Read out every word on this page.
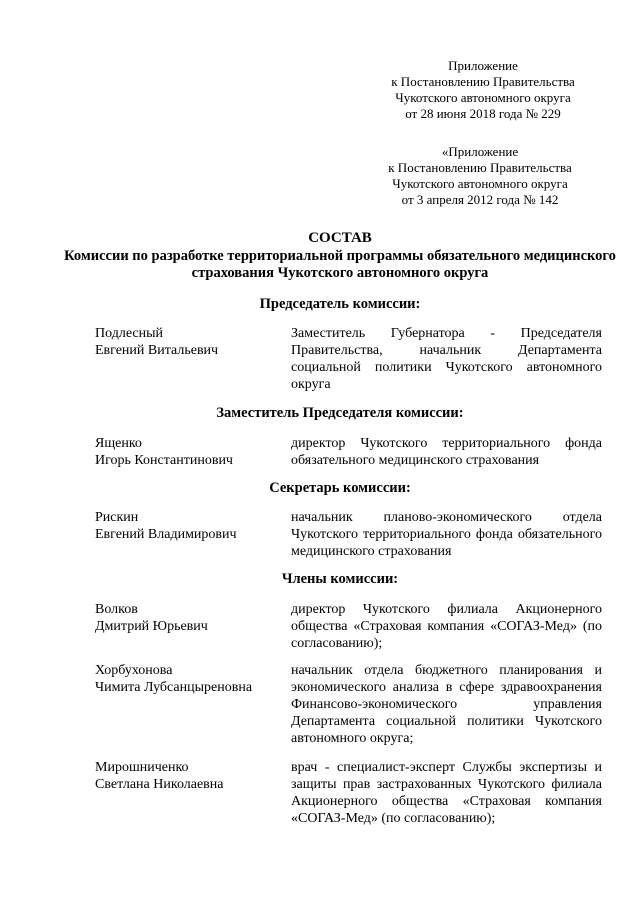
Приложение
к Постановлению Правительства
Чукотского автономного округа
от 28 июня 2018 года № 229
«Приложение
к Постановлению Правительства
Чукотского автономного округа
от 3 апреля 2012 года № 142
СОСТАВ
Комиссии по разработке территориальной программы обязательного медицинского страхования Чукотского автономного округа
Председатель комиссии:
Подлесный
Евгений Витальевич
Заместитель Губернатора - Председателя Правительства, начальник Департамента социальной политики Чукотского автономного округа
Заместитель Председателя комиссии:
Ященко
Игорь Константинович
директор Чукотского территориального фонда обязательного медицинского страхования
Секретарь комиссии:
Рискин
Евгений Владимирович
начальник планово-экономического отдела Чукотского территориального фонда обязательного медицинского страхования
Члены комиссии:
Волков
Дмитрий Юрьевич
директор Чукотского филиала Акционерного общества «Страховая компания «СОГАЗ-Мед» (по согласованию);
Хорбухонова
Чимита Лубсанцыреновна
начальник отдела бюджетного планирования и экономического анализа в сфере здравоохранения Финансово-экономического управления Департамента социальной политики Чукотского автономного округа;
Мирошниченко
Светлана Николаевна
врач - специалист-эксперт Службы экспертизы и защиты прав застрахованных Чукотского филиала Акционерного общества «Страховая компания «СОГАЗ-Мед» (по согласованию);
